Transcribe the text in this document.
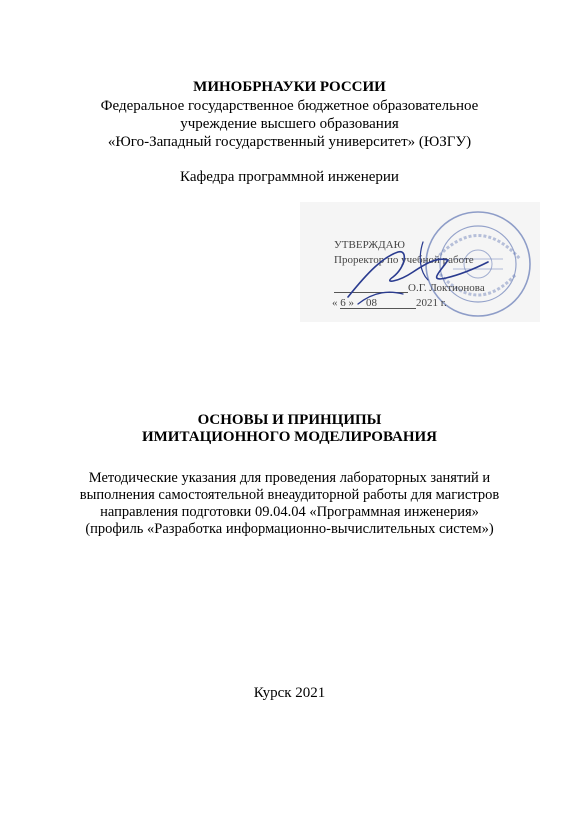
МИНОБРНАУКИ РОССИИ
Федеральное государственное бюджетное образовательное
учреждение высшего образования
«Юго-Западный государственный университет» (ЮЗГУ)
Кафедра программной инженерии
УТВЕРЖДАЮ
Проректор по учебной работе
О.Г. Локтионова
« 6 » 08	2021 г.
ОСНОВЫ И ПРИНЦИПЫ
ИМИТАЦИОННОГО МОДЕЛИРОВАНИЯ
Методические указания для проведения лабораторных занятий и
выполнения самостоятельной внеаудиторной работы для магистров
направления подготовки 09.04.04 «Программная инженерия»
(профиль «Разработка информационно-вычислительных систем»)
Курск 2021
